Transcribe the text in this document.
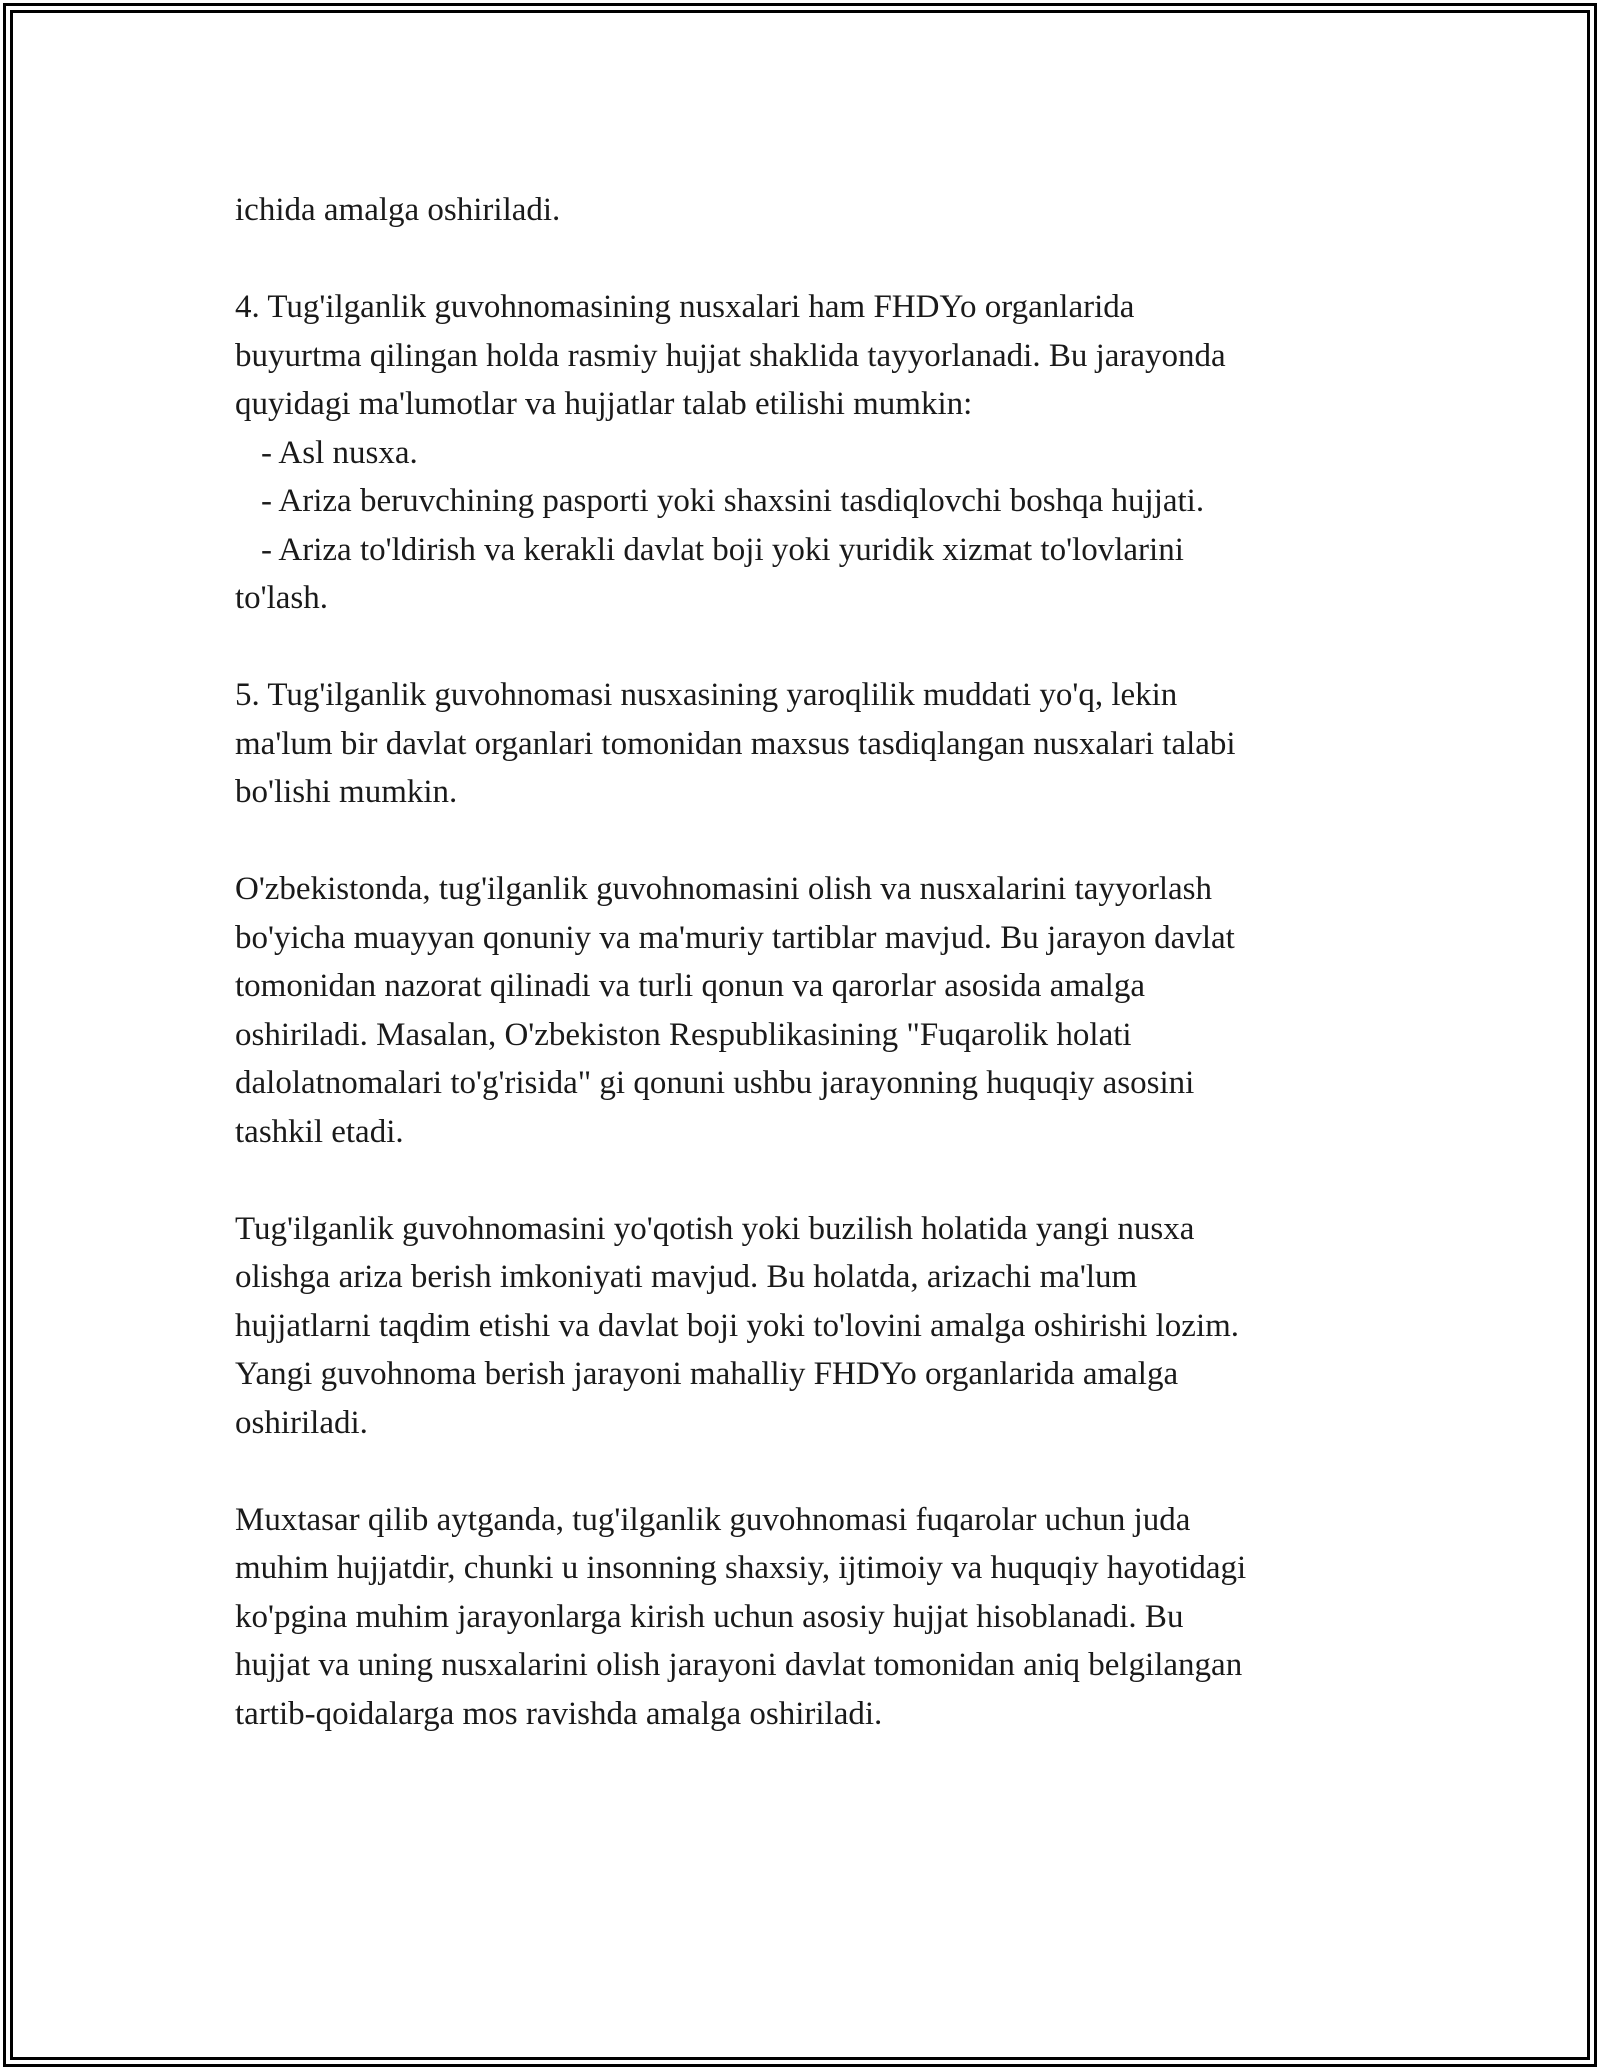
ichida amalga oshiriladi.

4. Tug'ilganlik guvohnomasining nusxalari ham FHDYo organlarida
buyurtma qilingan holda rasmiy hujjat shaklida tayyorlanadi. Bu jarayonda
quyidagi ma'lumotlar va hujjatlar talab etilishi mumkin:
- Asl nusxa.
- Ariza beruvchining pasporti yoki shaxsini tasdiqlovchi boshqa hujjati.
- Ariza to'ldirish va kerakli davlat boji yoki yuridik xizmat to'lovlarini
to'lash.

5. Tug'ilganlik guvohnomasi nusxasining yaroqlilik muddati yo'q, lekin
ma'lum bir davlat organlari tomonidan maxsus tasdiqlangan nusxalari talabi
bo'lishi mumkin.

O'zbekistonda, tug'ilganlik guvohnomasini olish va nusxalarini tayyorlash
bo'yicha muayyan qonuniy va ma'muriy tartiblar mavjud. Bu jarayon davlat
tomonidan nazorat qilinadi va turli qonun va qarorlar asosida amalga
oshiriladi. Masalan, O'zbekiston Respublikasining "Fuqarolik holati
dalolatnomalari to'g'risida" gi qonuni ushbu jarayonning huquqiy asosini
tashkil etadi.

Tug'ilganlik guvohnomasini yo'qotish yoki buzilish holatida yangi nusxa
olishga ariza berish imkoniyati mavjud. Bu holatda, arizachi ma'lum
hujjatlarni taqdim etishi va davlat boji yoki to'lovini amalga oshirishi lozim.
Yangi guvohnoma berish jarayoni mahalliy FHDYo organlarida amalga
oshiriladi.

Muxtasar qilib aytganda, tug'ilganlik guvohnomasi fuqarolar uchun juda
muhim hujjatdir, chunki u insonning shaxsiy, ijtimoiy va huquqiy hayotidagi
ko'pgina muhim jarayonlarga kirish uchun asosiy hujjat hisoblanadi. Bu
hujjat va uning nusxalarini olish jarayoni davlat tomonidan aniq belgilangan
tartib-qoidalarga mos ravishda amalga oshiriladi.
